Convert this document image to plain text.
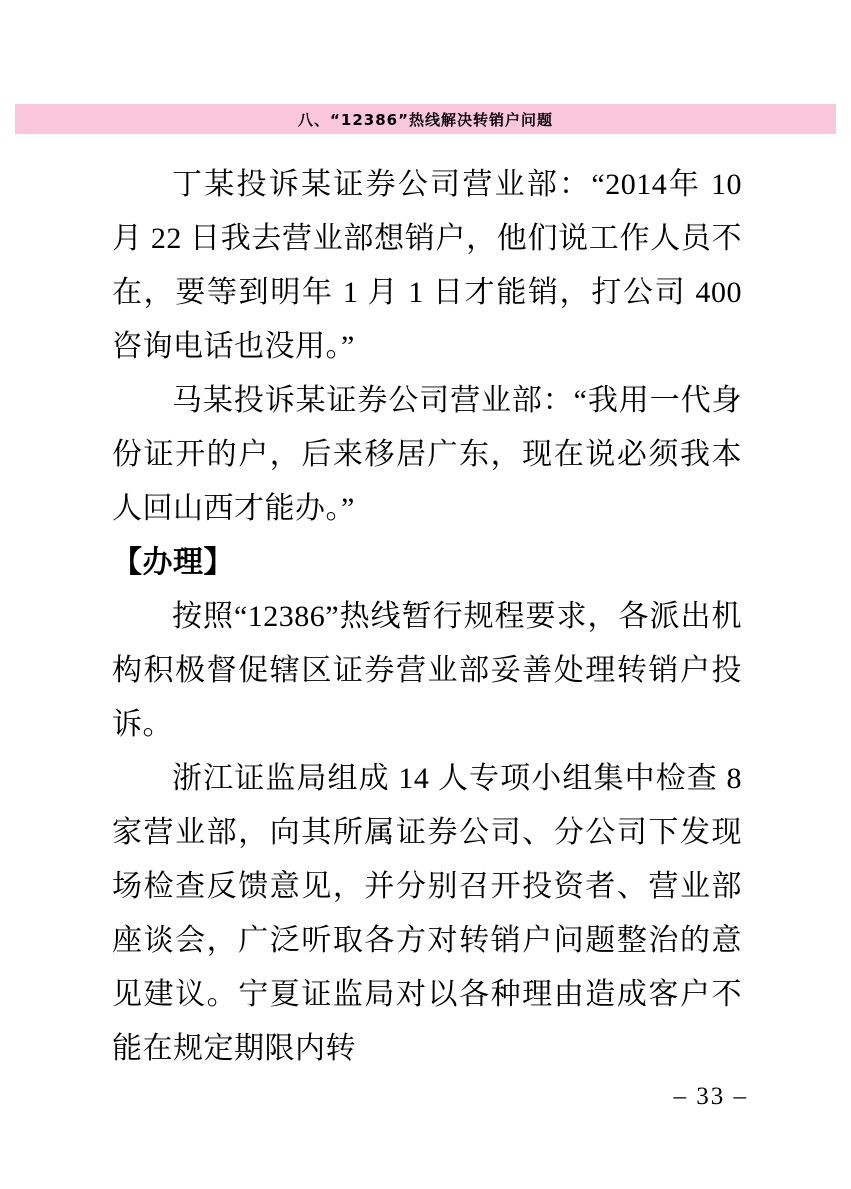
八、“12386”热线解决转销户问题

丁某投诉某证券公司营业部：“2014年 10 月 22 日我去营业部想销户，他们说工作人员不在，要等到明年 1 月 1 日才能销，打公司 400 咨询电话也没用。”

马某投诉某证券公司营业部：“我用一代身份证开的户，后来移居广东，现在说必须我本人回山西才能办。”

【办理】

按照“12386”热线暂行规程要求，各派出机构积极督促辖区证券营业部妥善处理转销户投诉。

浙江证监局组成 14 人专项小组集中检查 8 家营业部，向其所属证券公司、分公司下发现场检查反馈意见，并分别召开投资者、营业部座谈会，广泛听取各方对转销户问题整治的意见建议。宁夏证监局对以各种理由造成客户不能在规定期限内转

– 33 –
